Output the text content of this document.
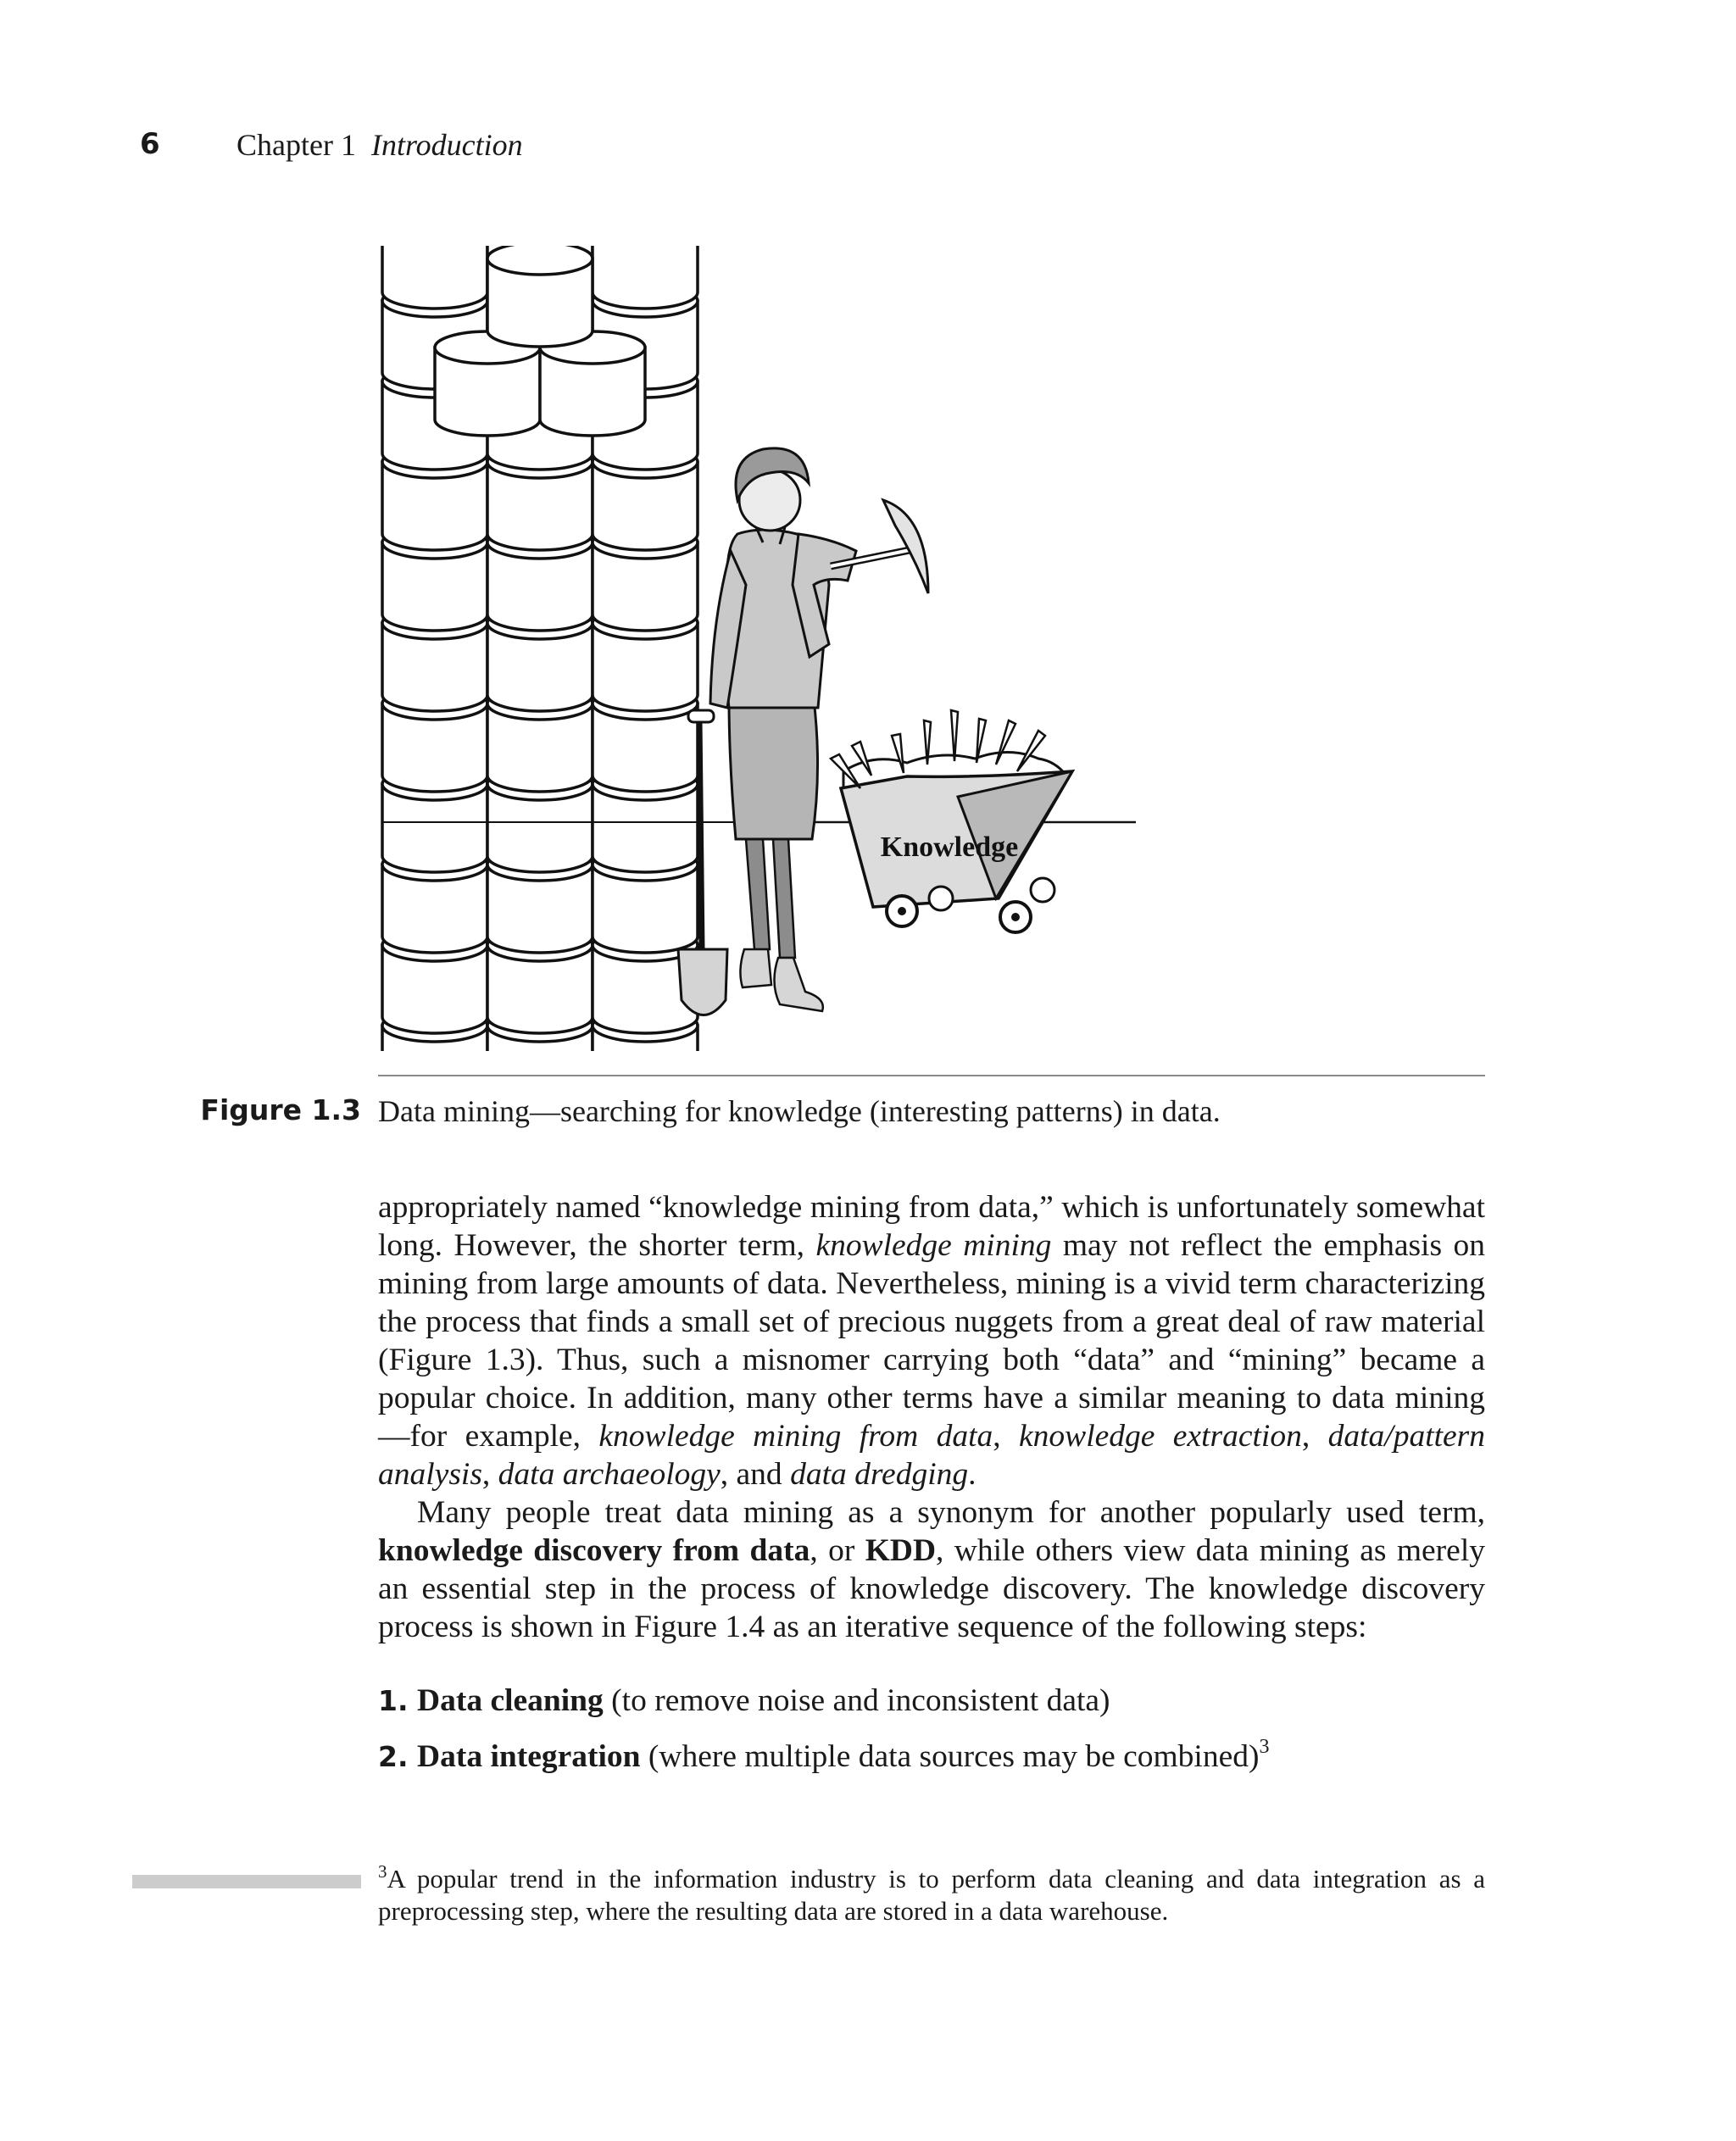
6	Chapter 1 Introduction
Knowledge
Figure 1.3 Data mining—searching for knowledge (interesting patterns) in data.

appropriately named “knowledge mining from data,” which is unfortunately somewhat long. However, the shorter term, knowledge mining may not reflect the emphasis on mining from large amounts of data. Nevertheless, mining is a vivid term characterizing the process that finds a small set of precious nuggets from a great deal of raw material (Figure 1.3). Thus, such a misnomer carrying both “data” and “mining” became a popular choice. In addition, many other terms have a similar meaning to data mining—for example, knowledge mining from data, knowledge extraction, data/pattern analysis, data archaeology, and data dredging.

Many people treat data mining as a synonym for another popularly used term, knowledge discovery from data, or KDD, while others view data mining as merely an essential step in the process of knowledge discovery. The knowledge discovery process is shown in Figure 1.4 as an iterative sequence of the following steps:

1. Data cleaning (to remove noise and inconsistent data)
2. Data integration (where multiple data sources may be combined)$^3$

$^3$A popular trend in the information industry is to perform data cleaning and data integration as a preprocessing step, where the resulting data are stored in a data warehouse.
